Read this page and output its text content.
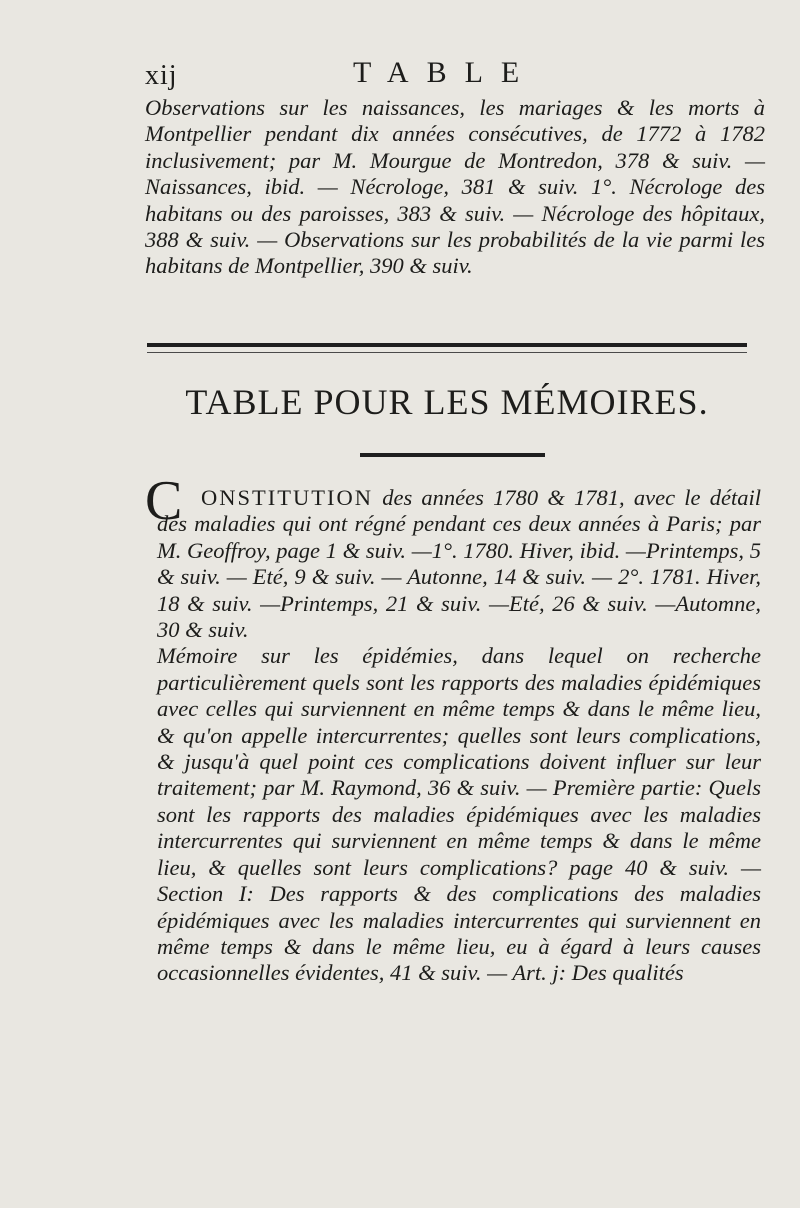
xij	TABLE

Observations sur les naissances, les mariages & les morts à Montpellier pendant dix années consécutives, de 1772 à 1782 inclusivement; par M. Mourgue de Montredon, 378 & suiv. — Naissances, ibid. — Nécrologe, 381 & suiv. 1°. Nécrologe des habitans ou des paroisses, 383 & suiv. — Nécrologe des hôpitaux, 388 & suiv. — Observations sur les probabilités de la vie parmi les habitans de Montpellier, 390 & suiv.

TABLE POUR LES MÉMOIRES.
C ONSTITUTION des années 1780 & 1781, avec le détail des maladies qui ont régné pendant ces deux années à Paris; par M. Geoffroy, page 1 & suiv. —1°. 1780. Hiver, ibid. —Printemps, 5 & suiv. — Eté, 9 & suiv. — Autonne, 14 & suiv. — 2°. 1781. Hiver, 18 & suiv. —Printemps, 21 & suiv. —Eté, 26 & suiv. —Automne, 30 & suiv.

Mémoire sur les épidémies, dans lequel on recherche particulièrement quels sont les rapports des maladies épidémiques avec celles qui surviennent en même temps & dans le même lieu, & qu'on appelle intercurrentes; quelles sont leurs complications, & jusqu'à quel point ces complications doivent influer sur leur traitement; par M. Raymond, 36 & suiv. — Première partie: Quels sont les rapports des maladies épidémiques avec les maladies intercurrentes qui surviennent en même temps & dans le même lieu, & quelles sont leurs complications? page 40 & suiv. — Section I: Des rapports & des complications des maladies épidémiques avec les maladies intercurrentes qui surviennent en même temps & dans le même lieu, eu à égard à leurs causes occasionnelles évidentes, 41 & suiv. — Art. j: Des qualités
